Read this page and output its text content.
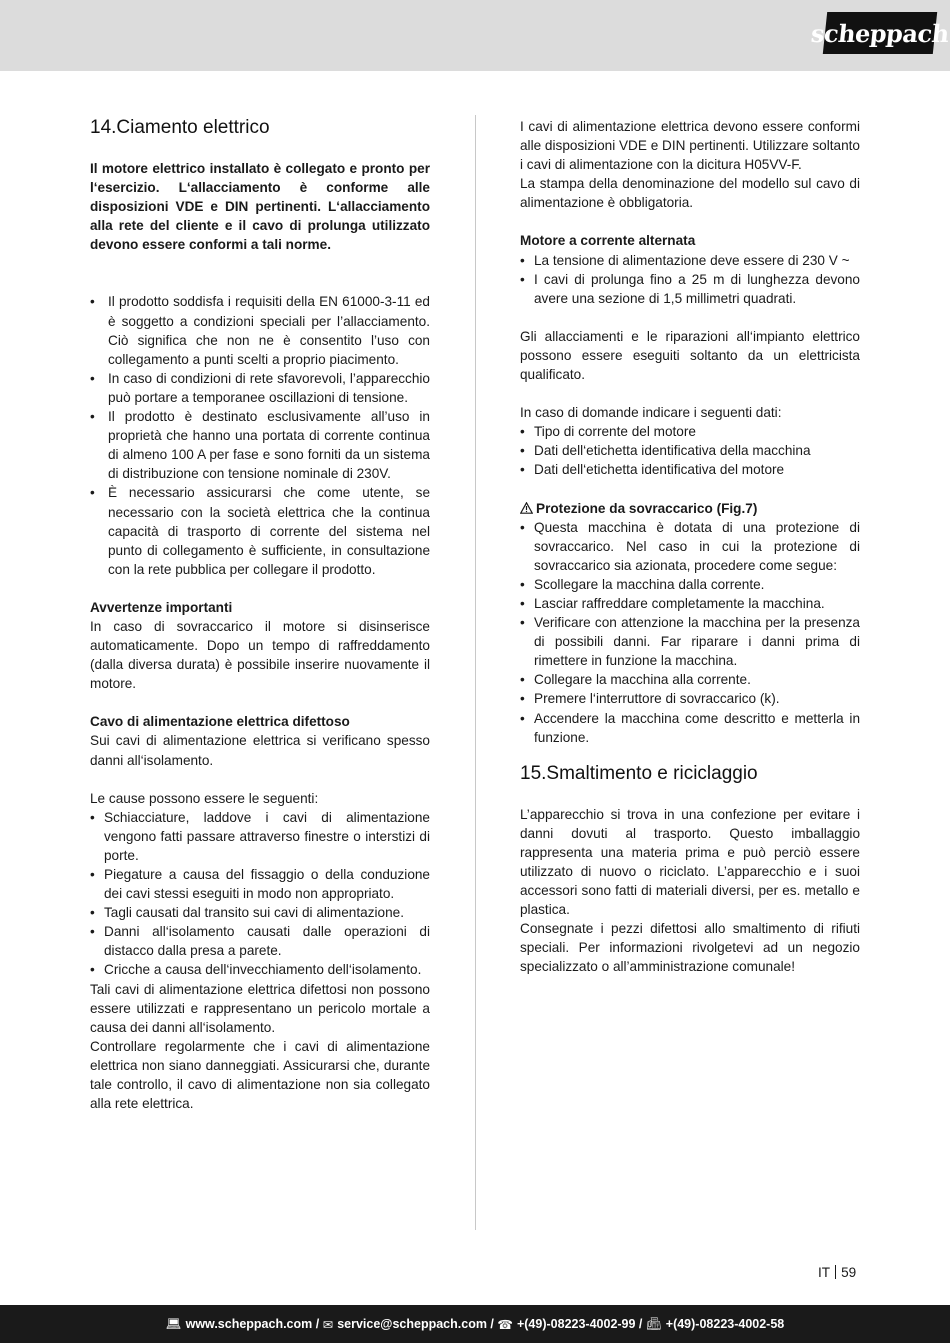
scheppach
14.Ciamento elettrico

Il motore elettrico installato è collegato e pronto per l‘esercizio. L‘allacciamento è conforme alle disposizioni VDE e DIN pertinenti. L‘allacciamento alla rete del cliente e il cavo di prolunga utilizzato devono essere conformi a tali norme.

• Il prodotto soddisfa i requisiti della EN 61000-3-11 ed è soggetto a condizioni speciali per l’allacciamento. Ciò significa che non ne è consentito l’uso con collegamento a punti scelti a proprio piacimento.
• In caso di condizioni di rete sfavorevoli, l’apparecchio può portare a temporanee oscillazioni di tensione.
• Il prodotto è destinato esclusivamente all’uso in proprietà che hanno una portata di corrente continua di almeno 100 A per fase e sono forniti da un sistema di distribuzione con tensione nominale di 230V.
• È necessario assicurarsi che come utente, se necessario con la società elettrica che la continua capacità di trasporto di corrente del sistema nel punto di collegamento è sufficiente, in consultazione con la rete pubblica per collegare il prodotto.

Avvertenze importanti

In caso di sovraccarico il motore si disinserisce automaticamente. Dopo un tempo di raffreddamento (dalla diversa durata) è possibile inserire nuovamente il motore.

Cavo di alimentazione elettrica difettoso

Sui cavi di alimentazione elettrica si verificano spesso danni all‘isolamento.

Le cause possono essere le seguenti:

• Schiacciature, laddove i cavi di alimentazione vengono fatti passare attraverso finestre o interstizi di porte.
• Piegature a causa del fissaggio o della conduzione dei cavi stessi eseguiti in modo non appropriato.
• Tagli causati dal transito sui cavi di alimentazione.
• Danni all‘isolamento causati dalle operazioni di distacco dalla presa a parete.
• Cricche a causa dell‘invecchiamento dell‘isolamento.

Tali cavi di alimentazione elettrica difettosi non possono essere utilizzati e rappresentano un pericolo mortale a causa dei danni all‘isolamento.

Controllare regolarmente che i cavi di alimentazione elettrica non siano danneggiati. Assicurarsi che, durante tale controllo, il cavo di alimentazione non sia collegato alla rete elettrica.

I cavi di alimentazione elettrica devono essere conformi alle disposizioni VDE e DIN pertinenti. Utilizzare soltanto i cavi di alimentazione con la dicitura H05VV-F.

La stampa della denominazione del modello sul cavo di alimentazione è obbligatoria.

Motore a corrente alternata

• La tensione di alimentazione deve essere di 230 V ~
• I cavi di prolunga fino a 25 m di lunghezza devono avere una sezione di 1,5 millimetri quadrati.

Gli allacciamenti e le riparazioni all‘impianto elettrico possono essere eseguiti soltanto da un elettricista qualificato.

In caso di domande indicare i seguenti dati:

• Tipo di corrente del motore
• Dati dell‘etichetta identificativa della macchina
• Dati dell‘etichetta identificativa del motore

Protezione da sovraccarico (Fig.7)

• Questa macchina è dotata di una protezione di sovraccarico. Nel caso in cui la protezione di sovraccarico sia azionata, procedere come segue:
• Scollegare la macchina dalla corrente.
• Lasciar raffreddare completamente la macchina.
• Verificare con attenzione la macchina per la presenza di possibili danni. Far riparare i danni prima di rimettere in funzione la macchina.
• Collegare la macchina alla corrente.
• Premere l‘interruttore di sovraccarico (k).
• Accendere la macchina come descritto e metterla in funzione.
15.Smaltimento e riciclaggio

L’apparecchio si trova in una confezione per evitare i danni dovuti al trasporto. Questo imballaggio rappresenta una materia prima e può perciò essere utilizzato di nuovo o riciclato. L’apparecchio e i suoi accessori sono fatti di materiali diversi, per es. metallo e plastica.

Consegnate i pezzi difettosi allo smaltimento di rifiuti speciali. Per informazioni rivolgetevi ad un negozio specializzato o all’amministrazione comunale!

IT 59
💻︎ www.scheppach.com /
✉︎ service@scheppach.com /
☎︎ +(49)-08223-4002-99 /
📠︎ +(49)-08223-4002-58
